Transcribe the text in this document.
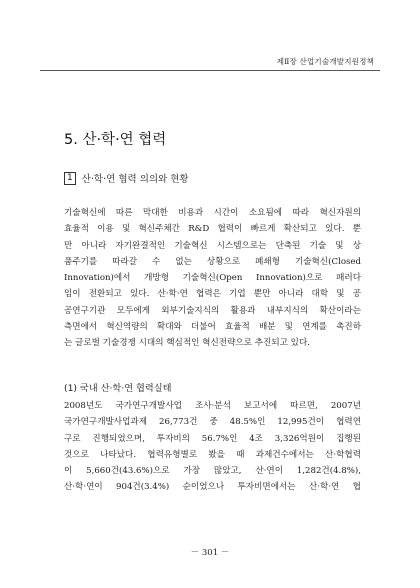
제Ⅱ장 산업기술개발지원정책
5. 산·학·연 협력
1 산·학·연 협력 의의와 현황
기술혁신에 따른 막대한 비용과 시간이 소요됨에 따라 혁신자원의
효율적 이용 및 혁신주체간 R&D 협력이 빠르게 확산되고 있다. 뿐
만 아니라 자기완결적인 기술혁신 시스템으로는 단축된 기술 및 상
품주기를 따라갈 수 없는 상황으로 폐쇄형 기술혁신(Closed
Innovation)에서 개방형 기술혁신(Open Innovation)으로 패러다
임이 전환되고 있다. 산·학·연 협력은 기업 뿐만 아니라 대학 및 공
공연구기관 모두에게 외부기술지식의 활용과 내부지식의 확산이라는
측면에서 혁신역량의 확대와 더불어 효율적 배분 및 연계를 촉진하
는 글로벌 기술경쟁 시대의 핵심적인 혁신전략으로 추진되고 있다.
(1) 국내 산·학·연 협력실태
2008년도 국가연구개발사업 조사·분석 보고서에 따르면, 2007년
국가연구개발사업과제 26,773건 중 48.5%인 12,995건이 협력연
구로 진행되었으며, 투자비의 56.7%인 4조 3,326억원이 집행된
것으로 나타났다. 협력유형별로 봤을 때 과제건수에서는 산·학협력
이 5,660건(43.6%)으로 가장 많았고, 산·연이 1,282건(4.8%),
산·학·연이 904건(3.4%) 순이었으나 투자비면에서는 산·학·연 협
－ 301 －
